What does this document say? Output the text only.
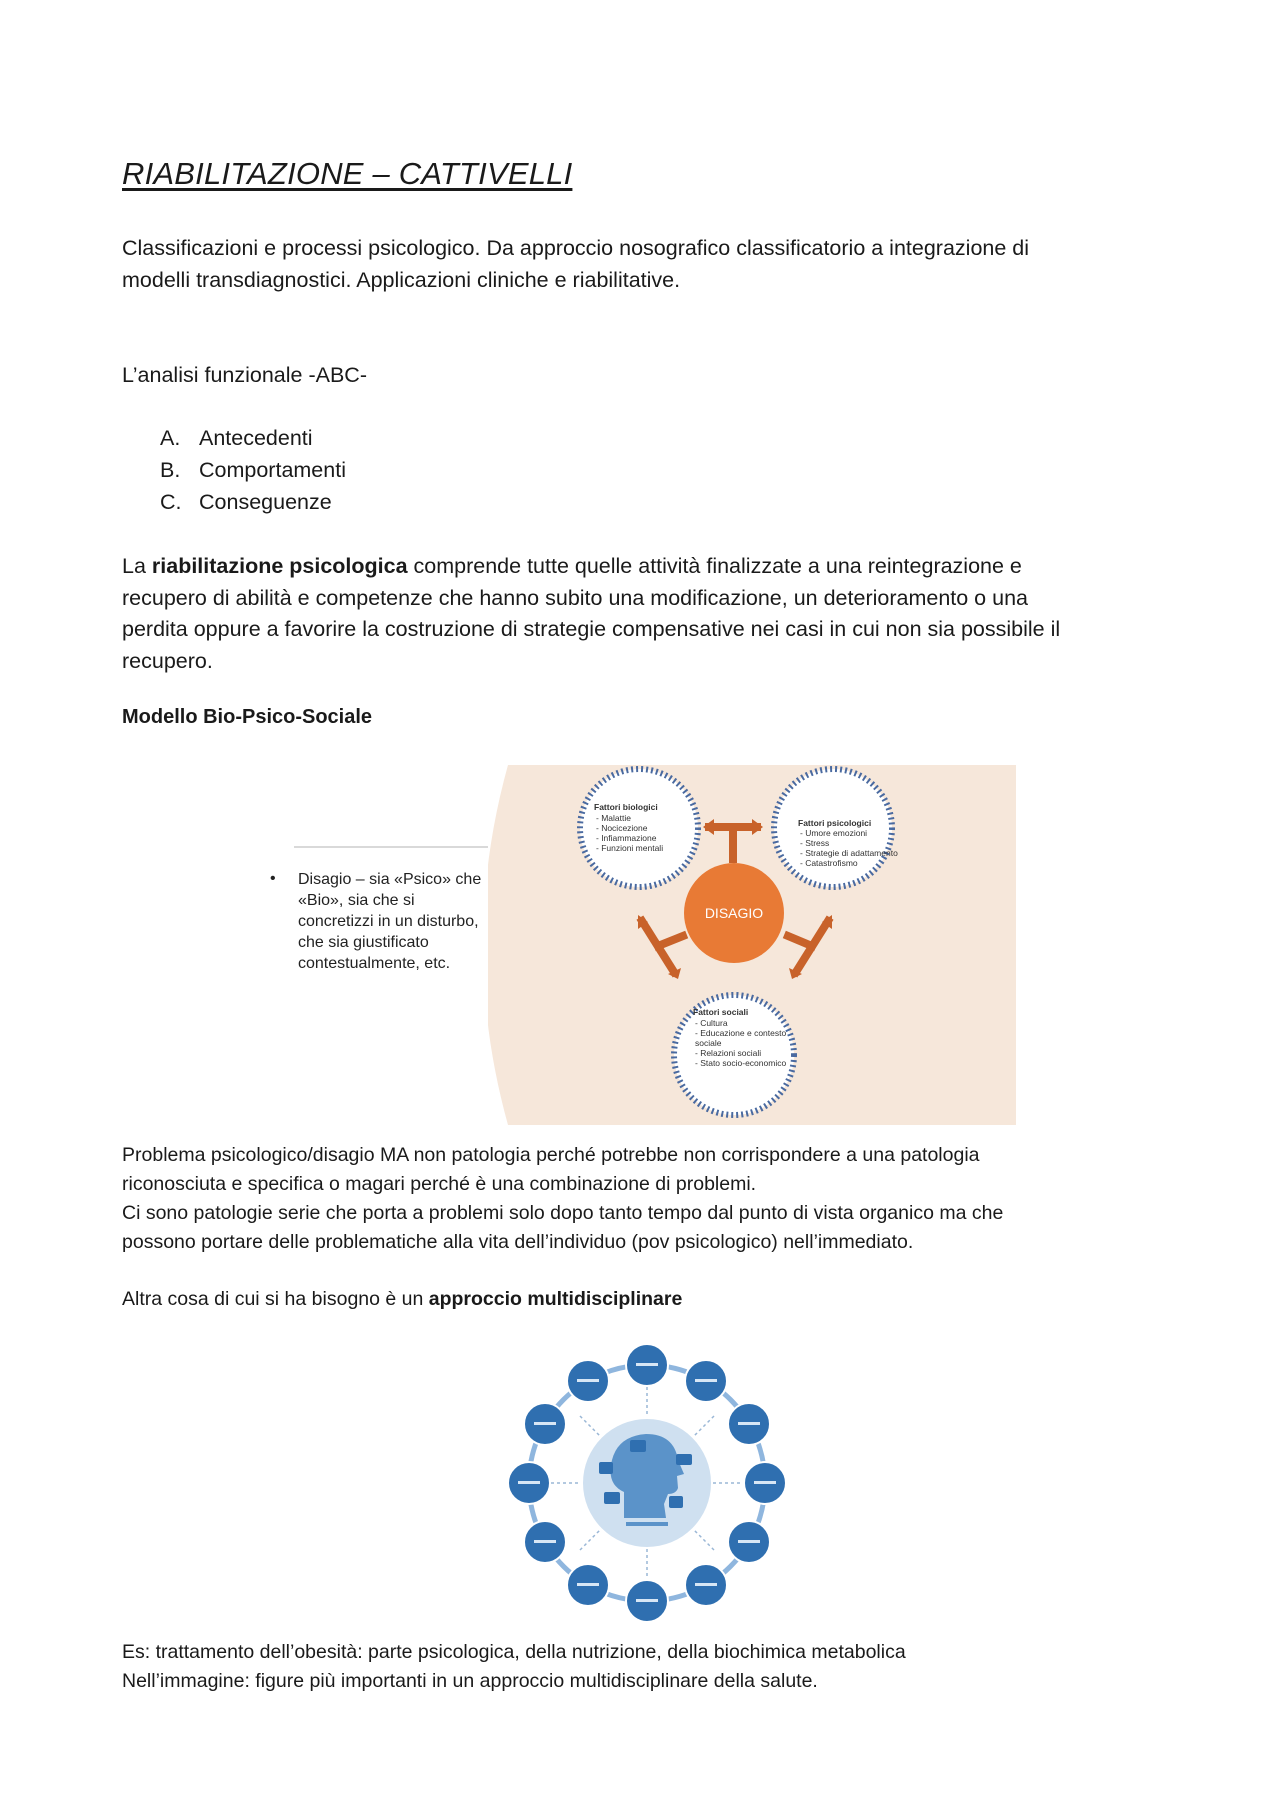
RIABILITAZIONE – CATTIVELLI

Classificazioni e processi psicologico. Da approccio nosografico classificatorio a integrazione di
modelli transdiagnostici. Applicazioni cliniche e riabilitative.

L’analisi funzionale -ABC-

A. Antecedenti
B. Comportamenti
C. Conseguenze

La riabilitazione psicologica comprende tutte quelle attività finalizzate a una reintegrazione e
recupero di abilità e competenze che hanno subito una modificazione, un deterioramento o una
perdita oppure a favorire la costruzione di strategie compensative nei casi in cui non sia possibile il
recupero.

Modello Bio-Psico-Sociale
• Disagio – sia «Psico» che «Bio», sia che si concretizzi in un disturbo, che sia giustificato contestualmente, etc.
DISAGIO
Fattori biologici - Malattie - Nocicezione - Infiammazione - Funzioni mentali
Fattori psicologici - Umore emozioni - Stress - Strategie di adattamento - Catastrofismo
Fattori sociali - Cultura - Educazione e contesto sociale - Relazioni sociali - Stato socio-economico

Problema psicologico/disagio MA non patologia perché potrebbe non corrispondere a una patologia
riconosciuta e specifica o magari perché è una combinazione di problemi.
Ci sono patologie serie che porta a problemi solo dopo tanto tempo dal punto di vista organico ma che
possono portare delle problematiche alla vita dell’individuo (pov psicologico) nell’immediato.

Altra cosa di cui si ha bisogno è un approccio multidisciplinare

Es: trattamento dell’obesità: parte psicologica, della nutrizione, della biochimica metabolica
Nell’immagine: figure più importanti in un approccio multidisciplinare della salute.
